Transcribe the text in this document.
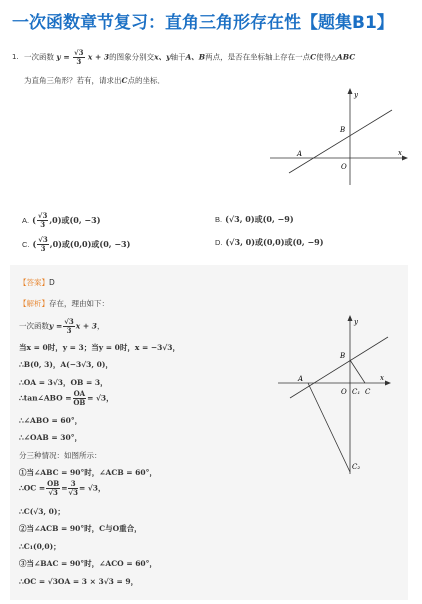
一次函数章节复习：直角三角形存在性【题集B1】
1. 一次函数 $y = \frac{√3}{3}$ x + 3的图象分别交x、y轴于A、B两点，是否在坐标轴上存在一点C使得△ABC
为直角三角形？若有，请求出C点的坐标．
y
x
B
A
O
A. ( $\frac{√3}{3} ,0$)或(0, −3)	B. (√3, 0)或(0, −9)
C. ( $\frac{√3}{3} ,0$)或(0,0)或(0, −3)	D. (√3, 0)或(0,0)或(0, −9)
【答案】D
【解析】存在，理由如下：
一次函数$y = \frac{√3}{3}$ x + 3，
当x = 0时，y = 3；当y = 0时，x = −3√3，
∴B(0, 3)，A(−3√3, 0)，
∴OA = 3√3，OB = 3，
∴tan∠ABO = $\frac{OA}{OB} = √3$，
∴∠ABO = 60°，
∴∠OAB = 30°，
分三种情况：如图所示：
①当∠ABC = 90°时，∠ACB = 60°，
∴OC = $\frac{OB}{√3} = \frac{3}{√3} = √3$，
∴C(√3, 0)；
②当∠ACB = 90°时，C与O重合，
∴C₁(0,0)；
③当∠BAC = 90°时，∠ACO = 60°，
∴OC = √3OA = 3 × 3√3 = 9，
y
x
B
A
O C₁ C
C₂
